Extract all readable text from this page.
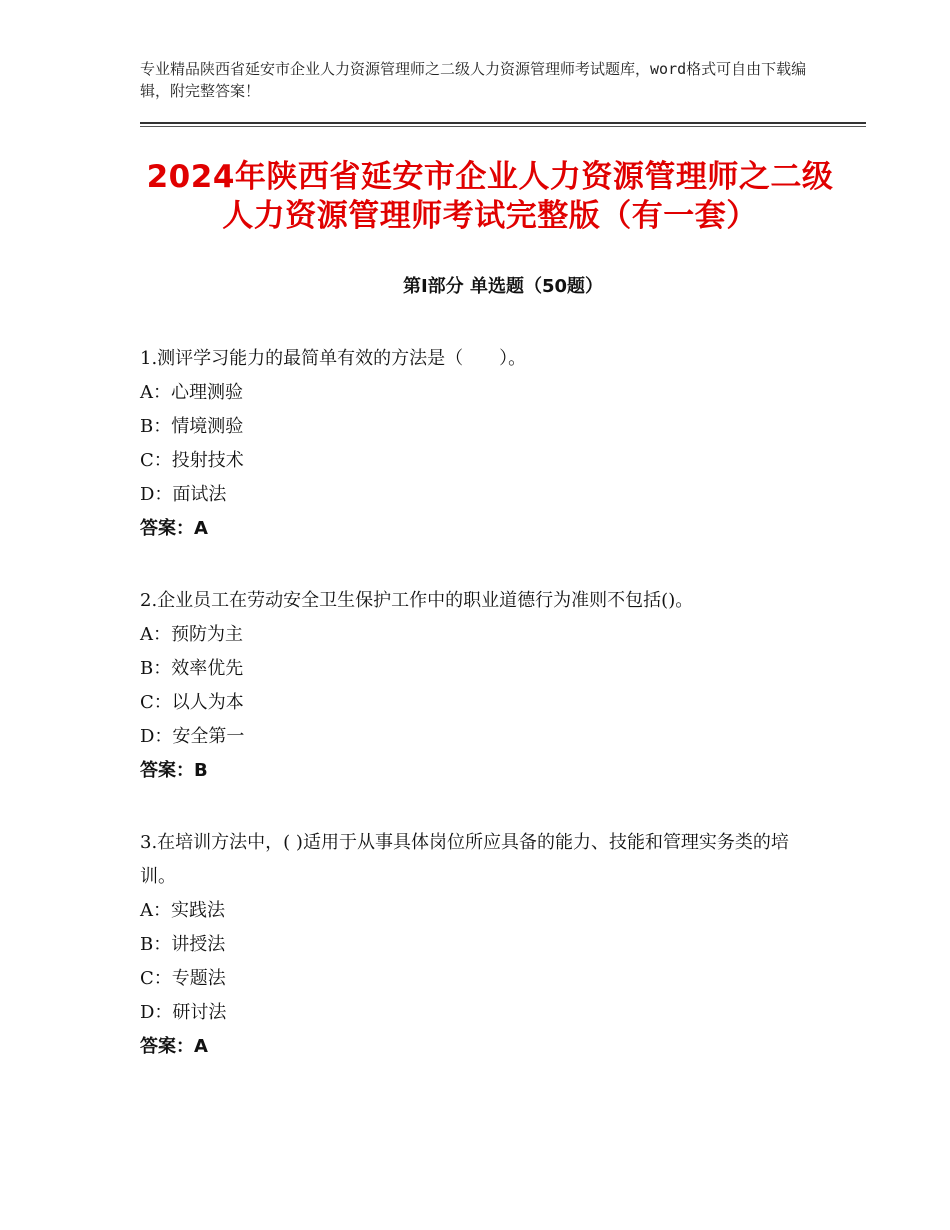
专业精品陕西省延安市企业人力资源管理师之二级人力资源管理师考试题库，word格式可自由下载编辑，附完整答案！
2024年陕西省延安市企业人力资源管理师之二级人力资源管理师考试完整版（有一套）
第Ⅰ部分 单选题（50题）

1.测评学习能力的最简单有效的方法是（　　）。

A：心理测验

B：情境测验

C：投射技术

D：面试法

答案：A

2.企业员工在劳动安全卫生保护工作中的职业道德行为准则不包括()。

A：预防为主

B：效率优先

C：以人为本

D：安全第一

答案：B

3.在培训方法中，( )适用于从事具体岗位所应具备的能力、技能和管理实务类的培训。

A：实践法

B：讲授法

C：专题法

D：研讨法

答案：A
